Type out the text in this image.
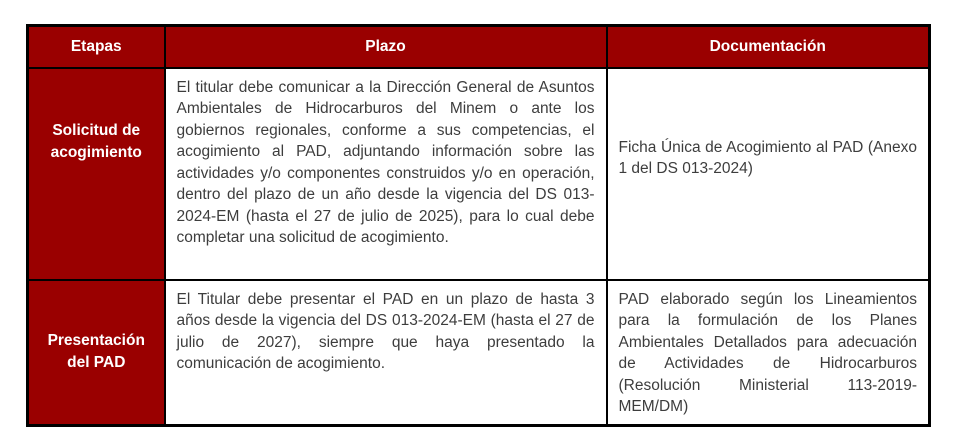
Etapas	Plazo	Documentación
Solicitud de acogimiento	El titular debe comunicar a la Dirección General de Asuntos Ambientales de Hidrocarburos del Minem o ante los gobiernos regionales, conforme a sus competencias, el acogimiento al PAD, adjuntando información sobre las actividades y/o componentes construidos y/o en operación, dentro del plazo de un año desde la vigencia del DS 013-2024-EM (hasta el 27 de julio de 2025), para lo cual debe completar una solicitud de acogimiento.	Ficha Única de Acogimiento al PAD (Anexo 1 del DS 013-2024)
Presentación del PAD	El Titular debe presentar el PAD en un plazo de hasta 3 años desde la vigencia del DS 013-2024-EM (hasta el 27 de julio de 2027), siempre que haya presentado la comunicación de acogimiento.	PAD elaborado según los Lineamientos para la formulación de los Planes Ambientales Detallados para adecuación de Actividades de Hidrocarburos (Resolución Ministerial 113-2019- MEM/DM)
